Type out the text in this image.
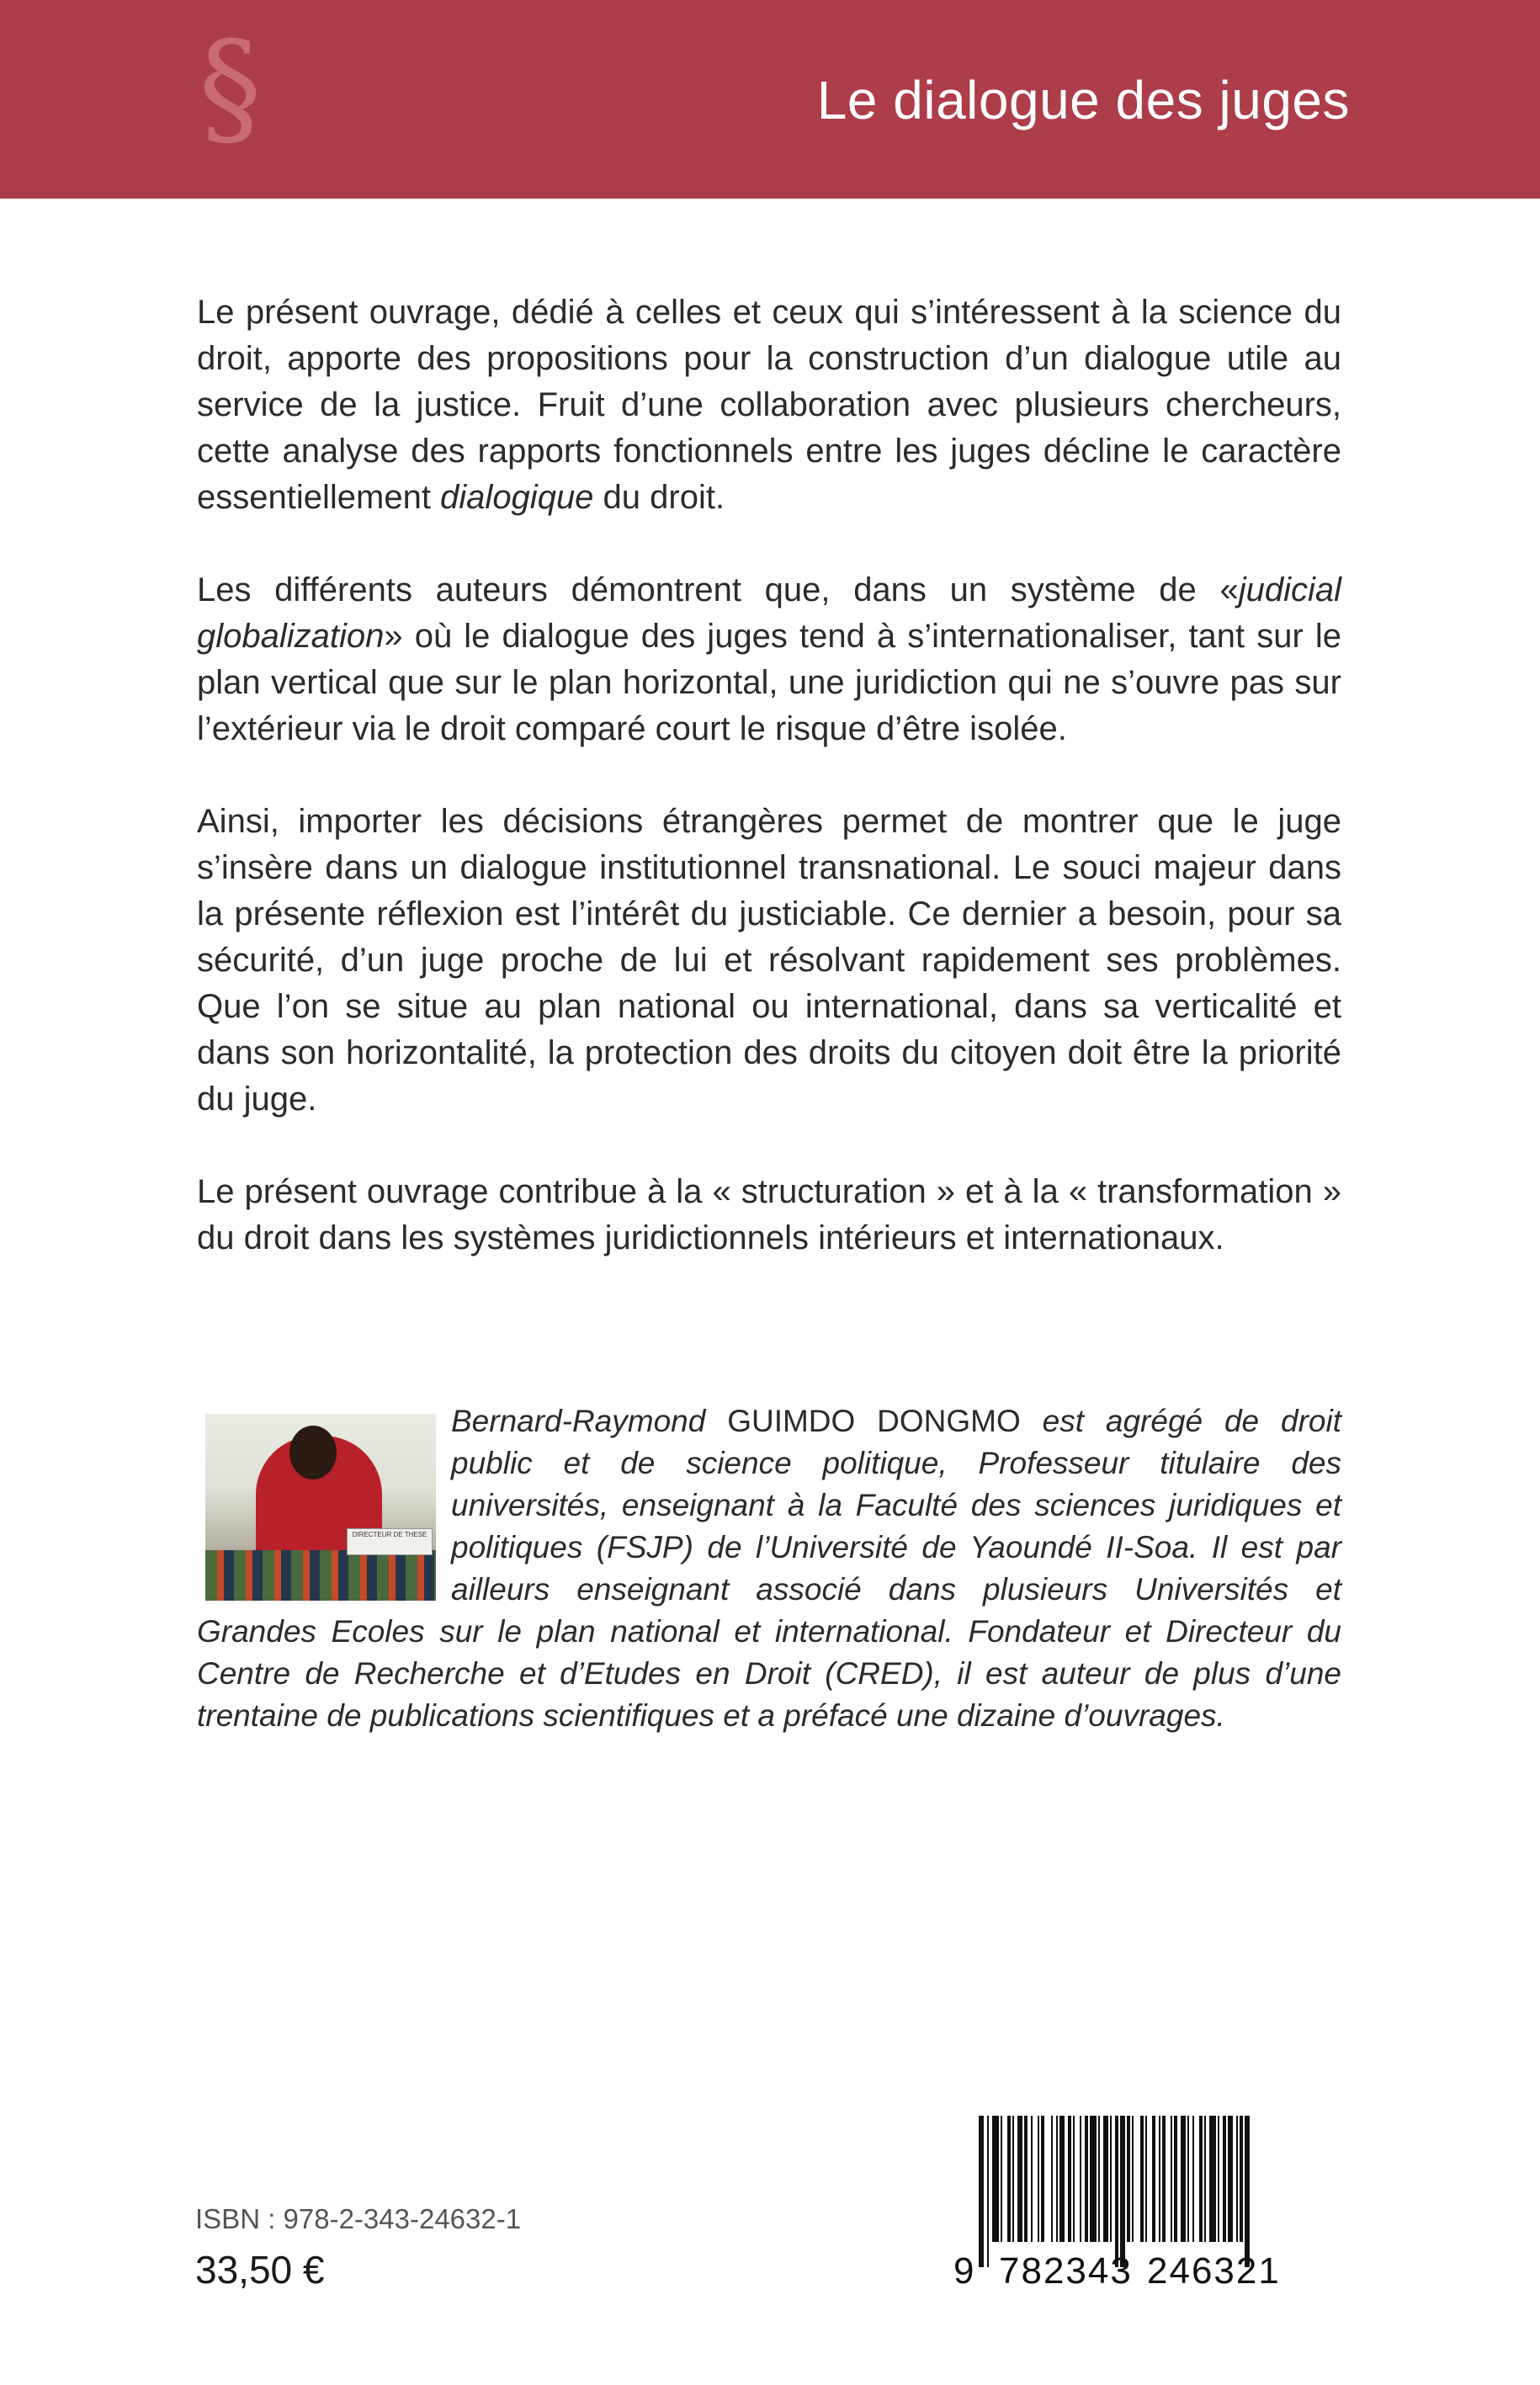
§	Le dialogue des juges

Le présent ouvrage, dédié à celles et ceux qui s’intéressent à la science du droit, apporte des propositions pour la construction d’un dialogue utile au service de la justice. Fruit d’une collaboration avec plusieurs chercheurs, cette analyse des rapports fonctionnels entre les juges décline le caractère essentiellement dialogique du droit.

Les différents auteurs démontrent que, dans un système de «judicial globalization» où le dialogue des juges tend à s’internationaliser, tant sur le plan vertical que sur le plan horizontal, une juridiction qui ne s’ouvre pas sur l’extérieur via le droit comparé court le risque d’être isolée.

Ainsi, importer les décisions étrangères permet de montrer que le juge s’insère dans un dialogue institutionnel transnational. Le souci majeur dans la présente réflexion est l’intérêt du justiciable. Ce dernier a besoin, pour sa sécurité, d’un juge proche de lui et résolvant rapidement ses problèmes. Que l’on se situe au plan national ou international, dans sa verticalité et dans son horizontalité, la protection des droits du citoyen doit être la priorité du juge.

Le présent ouvrage contribue à la « structuration » et à la « transformation » du droit dans les systèmes juridictionnels intérieurs et internationaux.

DIRECTEUR DE THESE
Bernard-Raymond GUIMDO DONGMO est agrégé de droit public et de science politique, Professeur titulaire des universités, enseignant à la Faculté des sciences juridiques et politiques (FSJP) de l’Université de Yaoundé II-Soa. Il est par ailleurs enseignant associé dans plusieurs Universités et Grandes Ecoles sur le plan national et international. Fondateur et Directeur du Centre de Recherche et d’Etudes en Droit (CRED), il est auteur de plus d’une trentaine de publications scientifiques et a préfacé une dizaine d’ouvrages.
ISBN : 978-2-343-24632-1
33,50 €	9 782343 246321
